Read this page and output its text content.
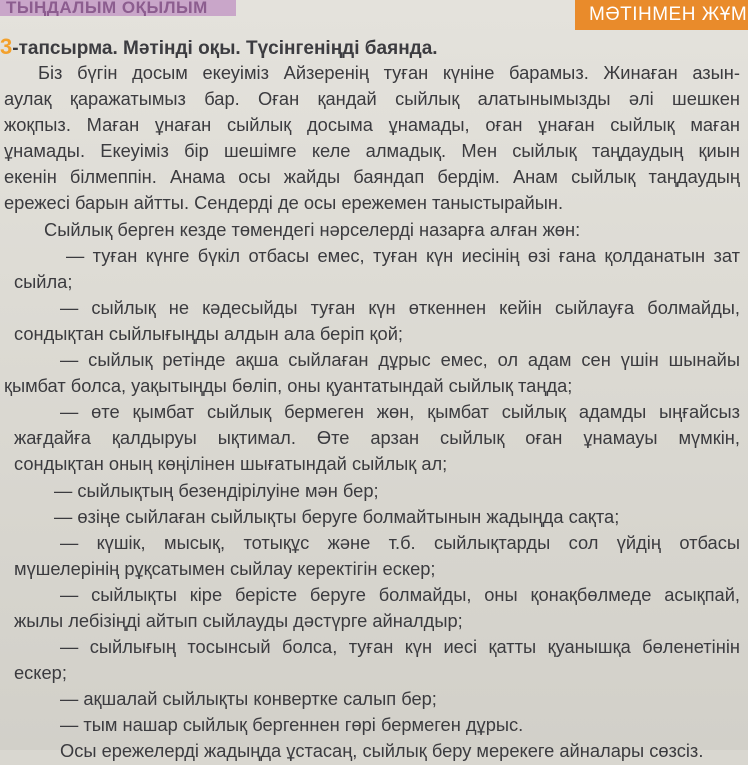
ТЫҢДАЛЫМ ОҚЫЛЫМ	МӘТІНМЕН ЖҰМ
3-тапсырма. Мәтінді оқы. Түсінгеніңді баянда.
Біз бүгін досым екеуіміз Айзеренің туған күніне барамыз. Жинаған азын-
аулақ қаражатымыз бар. Оған қандай сыйлық алатынымызды әлі шешкен
жоқпыз. Маған ұнаған сыйлық досыма ұнамады, оған ұнаған сыйлық маған
ұнамады. Екеуіміз бір шешімге келе алмадық. Мен сыйлық таңдаудың қиын
екенін білмеппін. Анама осы жайды баяндап бердім. Анам сыйлық таңдаудың
ережесі барын айтты. Сендерді де осы ережемен таныстырайын.
Сыйлық берген кезде төмендегі нәрселерді назарға алған жөн:
— туған күнге бүкіл отбасы емес, туған күн иесінің өзі ғана қолданатын зат
сыйла;
— сыйлық не кәдесыйды туған күн өткеннен кейін сыйлауға болмайды,
сондықтан сыйлығыңды алдын ала беріп қой;
— сыйлық ретінде ақша сыйлаған дұрыс емес, ол адам сен үшін шынайы
қымбат болса, уақытыңды бөліп, оны қуантатындай сыйлық таңда;
— өте қымбат сыйлық бермеген жөн, қымбат сыйлық адамды ыңғайсыз
жағдайға қалдыруы ықтимал. Өте арзан сыйлық оған ұнамауы мүмкін,
сондықтан оның көңілінен шығатындай сыйлық ал;
— сыйлықтың безендірілуіне мән бер;
— өзіңе сыйлаған сыйлықты беруге болмайтынын жадыңда сақта;
— күшік, мысық, тотықұс және т.б. сыйлықтарды сол үйдің отбасы
мүшелерінің рұқсатымен сыйлау керектігін ескер;
— сыйлықты кіре берісте беруге болмайды, оны қонақбөлмеде асықпай,
жылы лебізіңді айтып сыйлауды дәстүрге айналдыр;
— сыйлығың тосынсый болса, туған күн иесі қатты қуанышқа бөленетінін
ескер;
— ақшалай сыйлықты конвертке салып бер;
— тым нашар сыйлық бергеннен гөрі бермеген дұрыс.
Осы ережелерді жадыңда ұстасаң, сыйлық беру мерекеге айналары сөзсіз.
